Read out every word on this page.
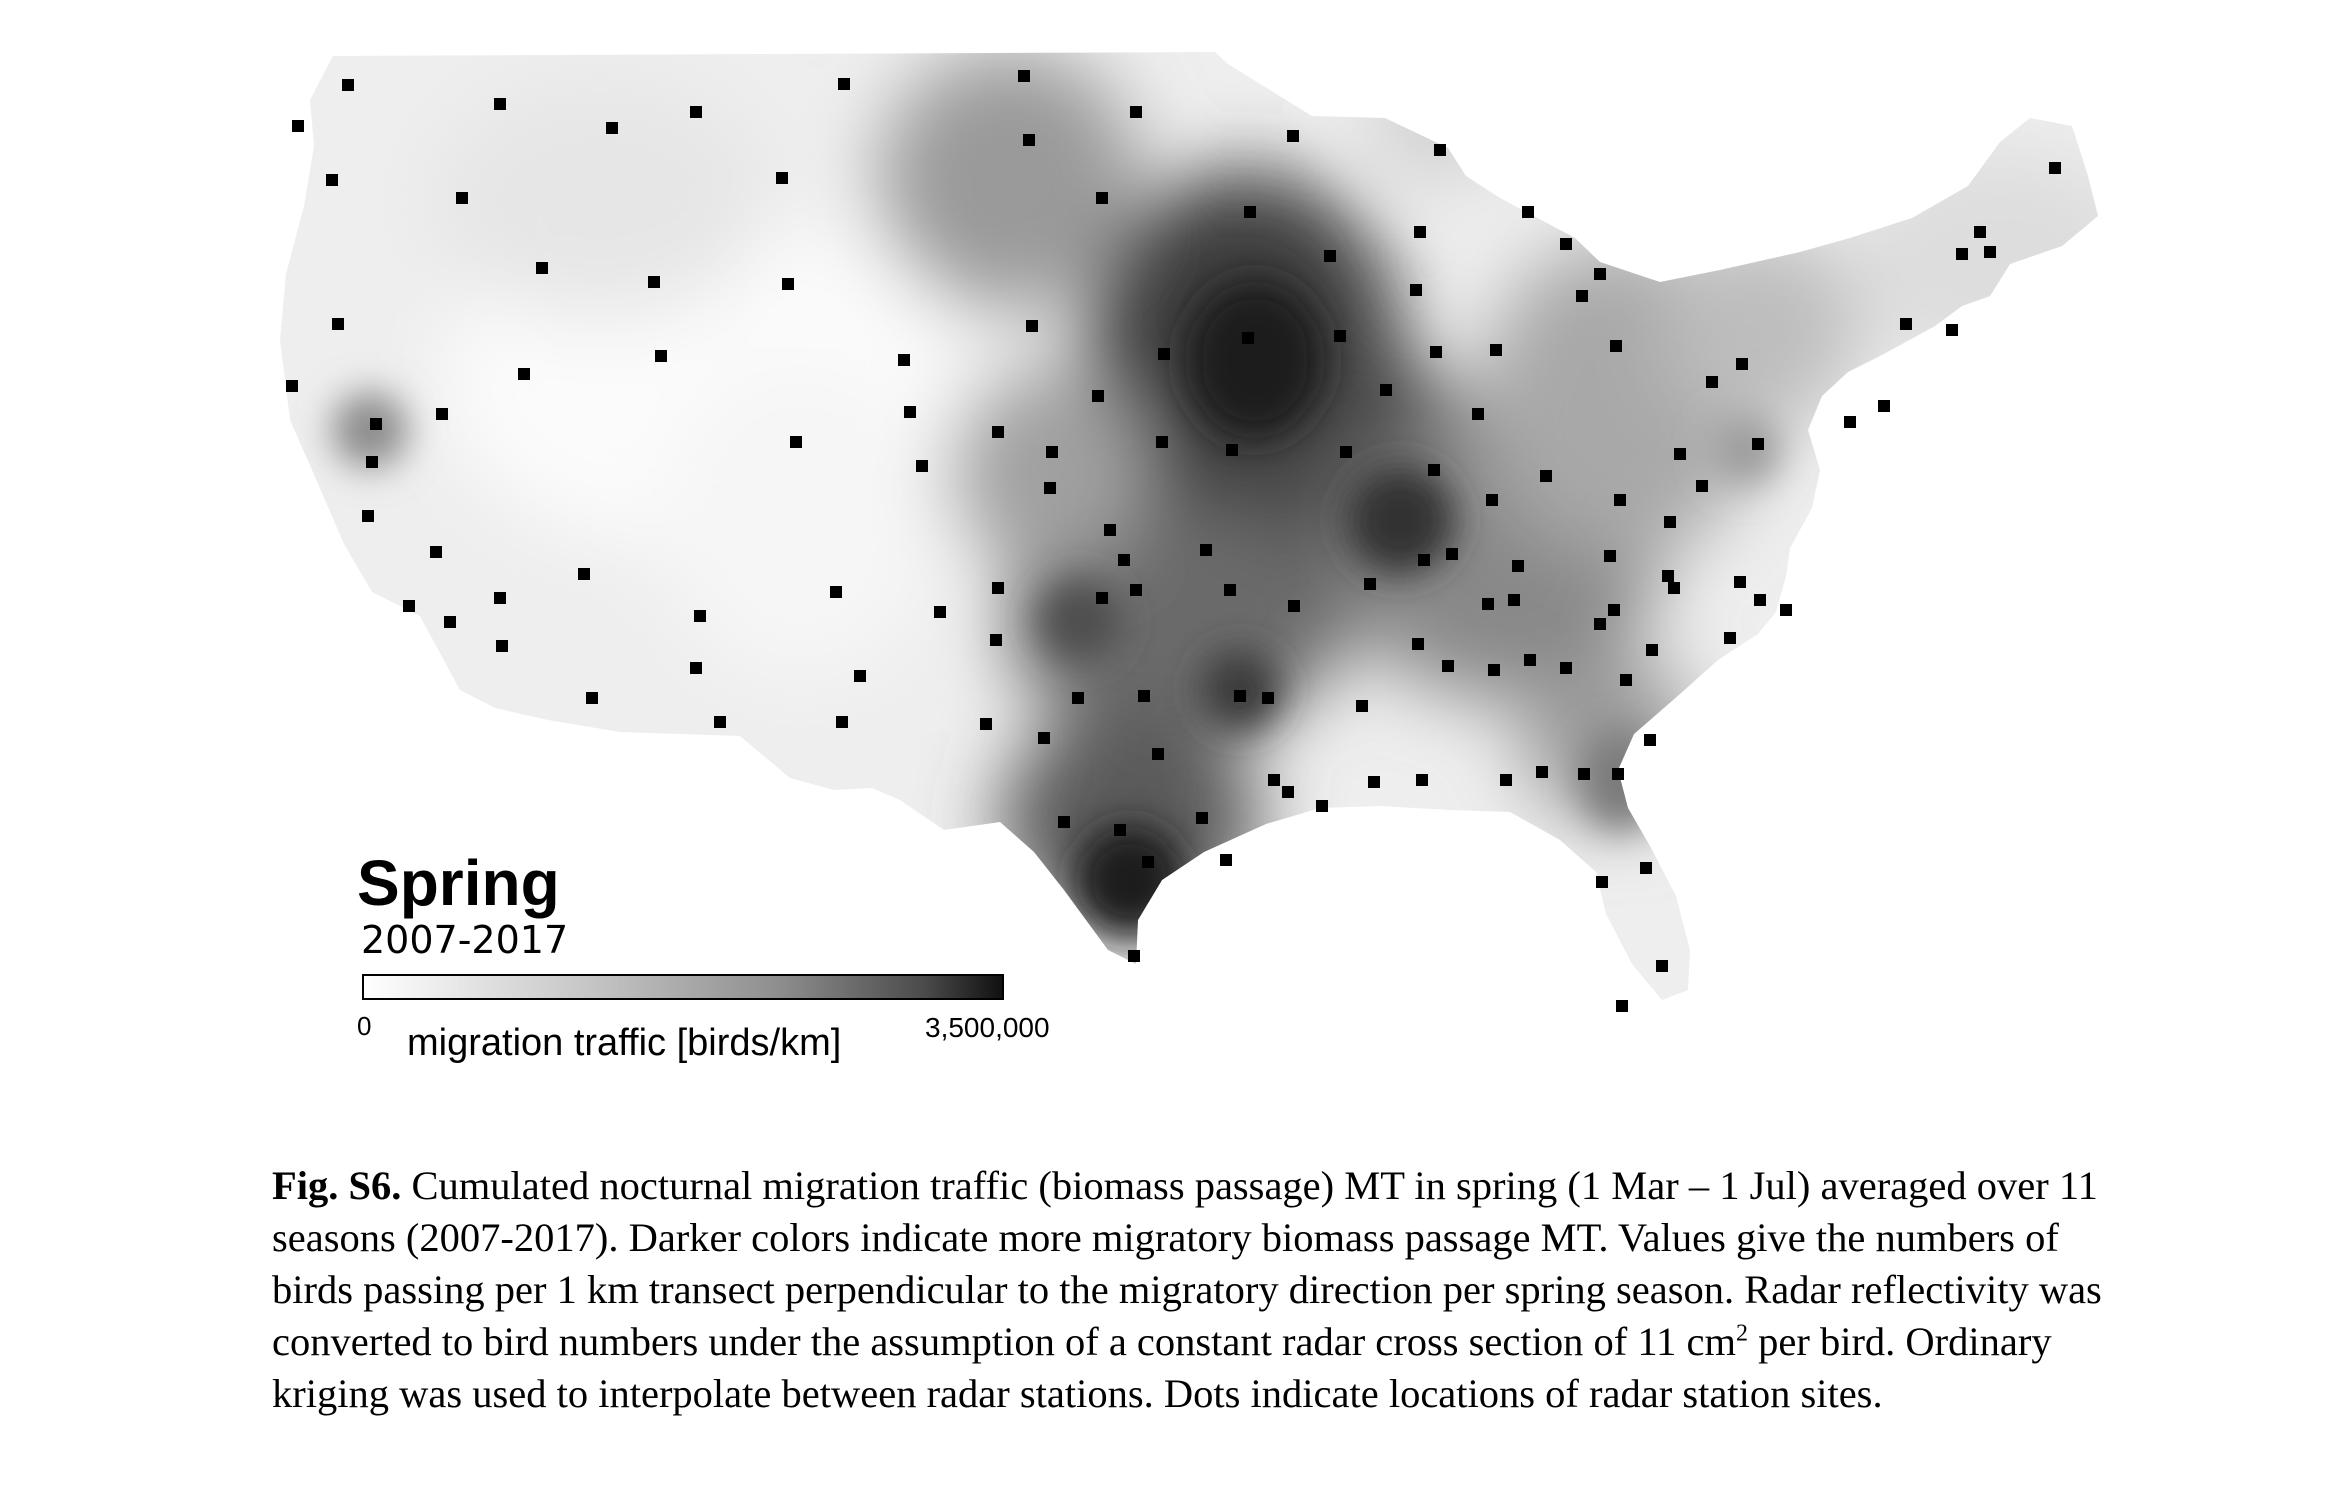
Spring
2007-2017
0	3,500,000
migration traffic [birds/km]

Fig. S6. Cumulated nocturnal migration traffic (biomass passage) MT in spring (1 Mar – 1 Jul) averaged over 11 seasons (2007-2017). Darker colors indicate more migratory biomass passage MT. Values give the numbers of birds passing per 1 km transect perpendicular to the migratory direction per spring season. Radar reflectivity was converted to bird numbers under the assumption of a constant radar cross section of 11 $cm^2$ per bird. Ordinary kriging was used to interpolate between radar stations. Dots indicate locations of radar station sites.
